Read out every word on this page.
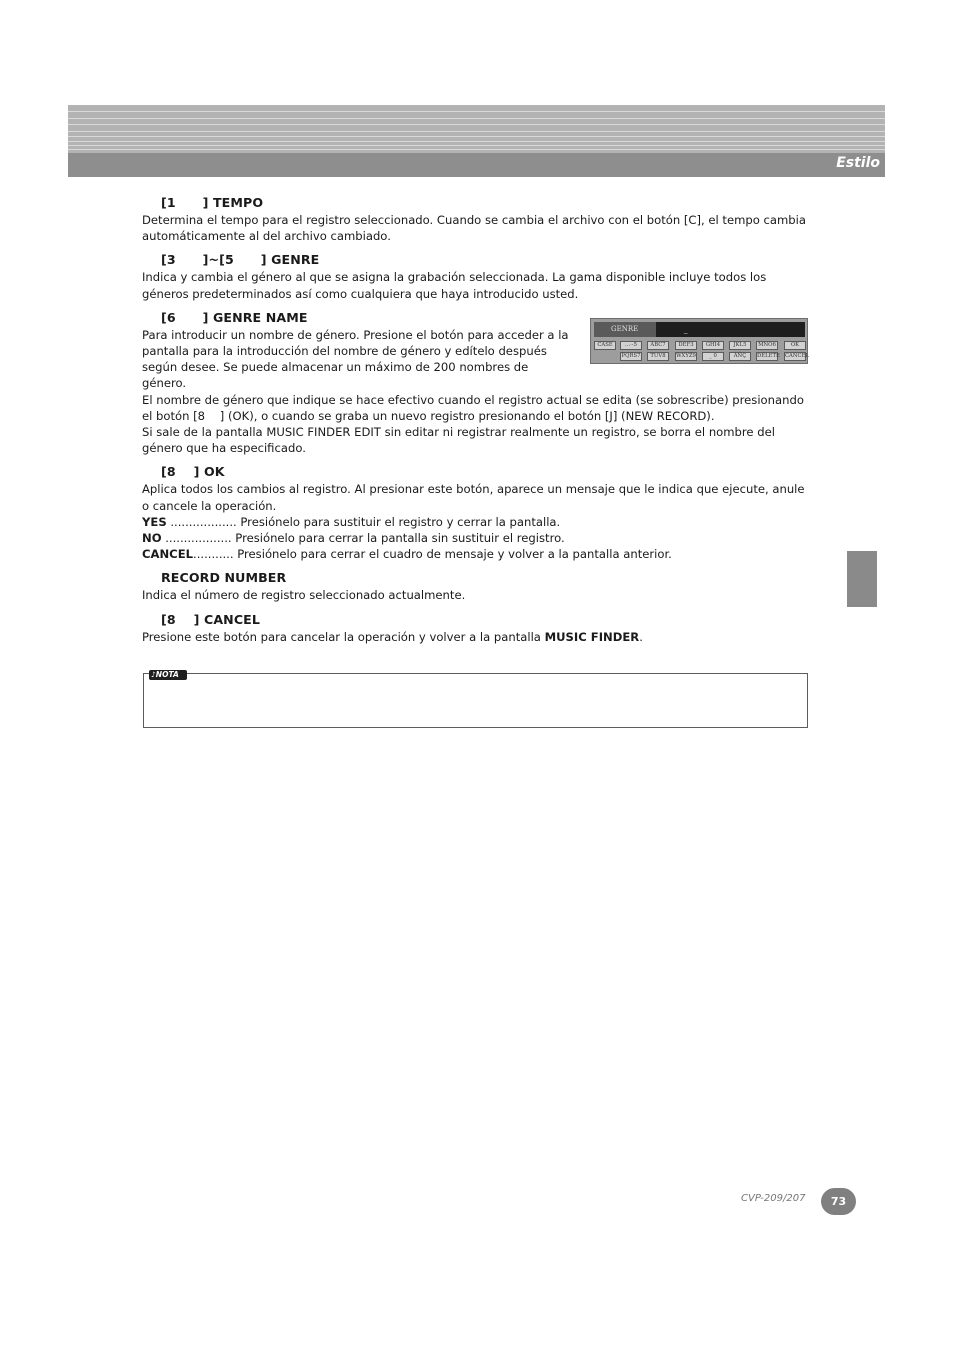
Estilo
[1      ] TEMPO

Determina el tempo para el registro seleccionado. Cuando se cambia el archivo con el botón [C], el tempo cambia automáticamente al del archivo cambiado.

[3      ]~[5      ] GENRE

Indica y cambia el género al que se asigna la grabación seleccionada. La gama disponible incluye todos los géneros predeterminados así como cualquiera que haya introducido usted.

[6      ] GENRE NAME

Para introducir un nombre de género. Presione el botón para acceder a la pantalla para la introducción del nombre de género y edítelo después según desee. Se puede almacenar un máximo de 200 nombres de género.

El nombre de género que indique se hace efectivo cuando el registro actual se edita (se sobrescribe) presionando el botón [8    ] (OK), o cuando se graba un nuevo registro presionando el botón [J] (NEW RECORD).

Si sale de la pantalla MUSIC FINDER EDIT sin editar ni registrar realmente un registro, se borra el nombre del género que ha especificado.

[8    ] OK

Aplica todos los cambios al registro. Al presionar este botón, aparece un mensaje que le indica que ejecute, anule o cancele la operación.

YES .................. Presiónelo para sustituir el registro y cerrar la pantalla.

NO .................. Presiónelo para cerrar la pantalla sin sustituir el registro.

CANCEL........... Presiónelo para cerrar el cuadro de mensaje y volver a la pantalla anterior.

RECORD NUMBER

Indica el número de registro seleccionado actualmente.

[8    ] CANCEL

Presione este botón para cancelar la operación y volver a la pantalla MUSIC FINDER.

GENRE	_
CASE	...·-5	ABC7	DEF3	GHI4	JKL5	MNO6	OK
PQRS7	TUV8	WXYZ9	_ 0	ÁÑÇ	DELETE CANCEL
♪NOTA
CVP-209/207	73
